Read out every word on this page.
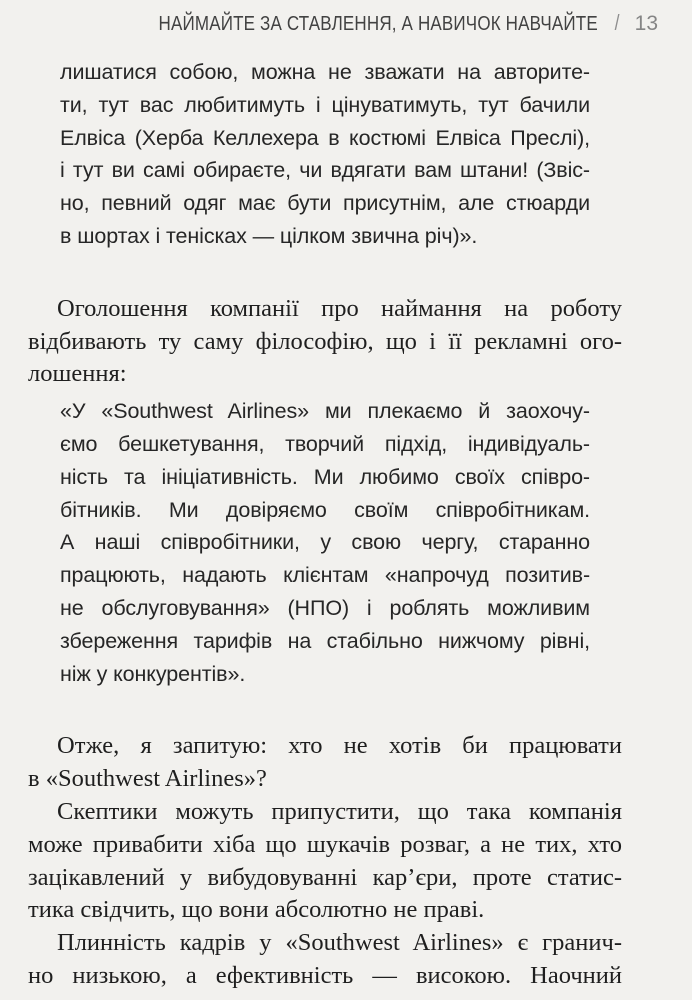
НАЙМАЙТЕ ЗА СТАВЛЕННЯ, А НАВИЧОК НАВЧАЙТЕ / 13
лишатися собою, можна не зважати на авторите-
ти, тут вас любитимуть і цінуватимуть, тут бачили
Елвіса (Херба Келлехера в костюмі Елвіса Преслі),
і тут ви самі обираєте, чи вдягати вам штани! (Звіс-
но, певний одяг має бути присутнім, але стюарди
в шортах і тенісках — цілком звична річ)».
Оголошення компанії про наймання на роботу
відбивають ту саму філософію, що і її рекламні ого-
лошення:
«У «Southwest Airlines» ми плекаємо й заохочу-
ємо бешкетування, творчий підхід, індивідуаль-
ність та ініціативність. Ми любимо своїх співро-
бітників. Ми довіряємо своїм співробітникам.
А наші співробітники, у свою чергу, старанно
працюють, надають клієнтам «напрочуд позитив-
не обслуговування» (НПО) і роблять можливим
збереження тарифів на стабільно нижчому рівні,
ніж у конкурентів».
Отже, я запитую: хто не хотів би працювати
в «Southwest Airlines»?
Скептики можуть припустити, що така компанія
може привабити хіба що шукачів розваг, а не тих, хто
зацікавлений у вибудовуванні кар’єри, проте статис-
тика свідчить, що вони абсолютно не праві.
Плинність кадрів у «Southwest Airlines» є гранич-
но низькою, а ефективність — високою. Наочний
